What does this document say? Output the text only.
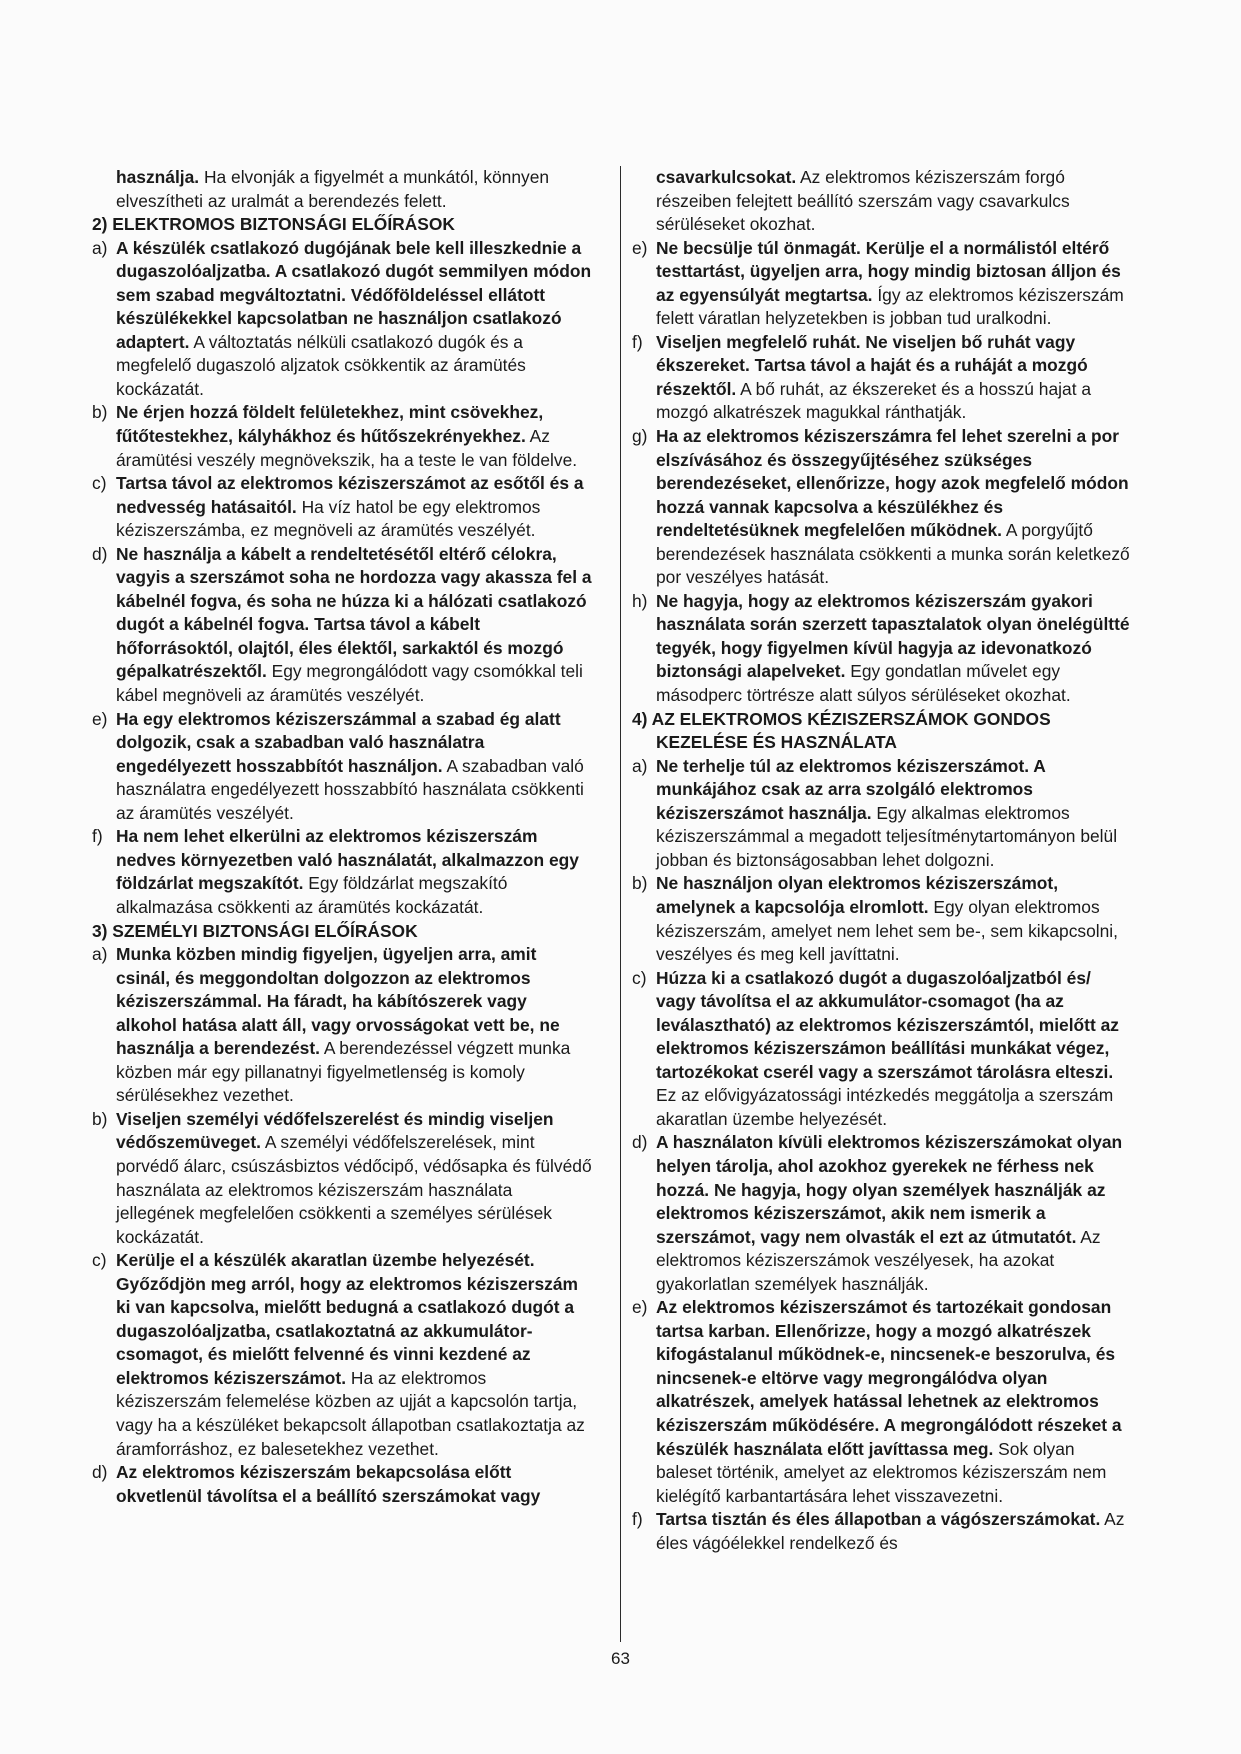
használja. Ha elvonják a figyelmét a munkától, könnyen elveszítheti az uralmát a berendezés felett.
2) ELEKTROMOS BIZTONSÁGI ELŐÍRÁSOK
a) A készülék csatlakozó dugójának bele kell illeszkednie a dugaszolóaljzatba. A csatlakozó dugót semmilyen módon sem szabad megváltoztatni. Védőföldeléssel ellátott készülékekkel kapcsolatban ne használjon csatlakozó adaptert. A változtatás nélküli csatlakozó dugók és a megfelelő dugaszoló aljzatok csökkentik az áramütés kockázatát.
b) Ne érjen hozzá földelt felületekhez, mint csövekhez, fűtőtestekhez, kályhákhoz és hűtőszekrényekhez. Az áramütési veszély megnövekszik, ha a teste le van földelve.
c) Tartsa távol az elektromos kéziszerszámot az esőtől és a nedvesség hatásaitól. Ha víz hatol be egy elektromos kéziszerszámba, ez megnöveli az áramütés veszélyét.
d) Ne használja a kábelt a rendeltetésétől eltérő célokra, vagyis a szerszámot soha ne hordozza vagy akassza fel a kábelnél fogva, és soha ne húzza ki a hálózati csatlakozó dugót a kábelnél fogva. Tartsa távol a kábelt hőforrásoktól, olajtól, éles élektől, sarkaktól és mozgó gépalkatrészektől. Egy megrongálódott vagy csomókkal teli kábel megnöveli az áramütés veszélyét.
e) Ha egy elektromos kéziszerszámmal a szabad ég alatt dolgozik, csak a szabadban való használatra engedélyezett hosszabbítót használjon. A szabadban való használatra engedélyezett hosszabbító használata csökkenti az áramütés veszélyét.
f) Ha nem lehet elkerülni az elektromos kéziszerszám nedves környezetben való használatát, alkalmazzon egy földzárlat megszakítót. Egy földzárlat megszakító alkalmazása csökkenti az áramütés kockázatát.
3) SZEMÉLYI BIZTONSÁGI ELŐÍRÁSOK
a) Munka közben mindig figyeljen, ügyeljen arra, amit csinál, és meggondoltan dolgozzon az elektromos kéziszerszámmal. Ha fáradt, ha kábítószerek vagy alkohol hatása alatt áll, vagy orvosságokat vett be, ne használja a berendezést. A berendezéssel végzett munka közben már egy pillanatnyi figyelmetlenség is komoly sérülésekhez vezethet.
b) Viseljen személyi védőfelszerelést és mindig viseljen védőszemüveget. A személyi védőfelszerelések, mint porvédő álarc, csúszásbiztos védőcipő, védősapka és fülvédő használata az elektromos kéziszerszám használata jellegének megfelelően csökkenti a személyes sérülések kockázatát.
c) Kerülje el a készülék akaratlan üzembe helyezését. Győződjön meg arról, hogy az elektromos kéziszerszám ki van kapcsolva, mielőtt bedugná a csatlakozó dugót a dugaszolóaljzatba, csatlakoztatná az akkumulátor-csomagot, és mielőtt felvenné és vinni kezdené az elektromos kéziszerszámot. Ha az elektromos kéziszerszám felemelése közben az ujját a kapcsolón tartja, vagy ha a készüléket bekapcsolt állapotban csatlakoztatja az áramforráshoz, ez balesetekhez vezethet.
d) Az elektromos kéziszerszám bekapcsolása előtt okvetlenül távolítsa el a beállító szerszámokat vagy
csavarkulcsokat. Az elektromos kéziszerszám forgó részeiben felejtett beállító szerszám vagy csavarkulcs sérüléseket okozhat.
e) Ne becsülje túl önmagát. Kerülje el a normálistól eltérő testtartást, ügyeljen arra, hogy mindig biztosan álljon és az egyensúlyát megtartsa. Így az elektromos kéziszerszám felett váratlan helyzetekben is jobban tud uralkodni.
f) Viseljen megfelelő ruhát. Ne viseljen bő ruhát vagy ékszereket. Tartsa távol a haját és a ruháját a mozgó részektől. A bő ruhát, az ékszereket és a hosszú hajat a mozgó alkatrészek magukkal ránthatják.
g) Ha az elektromos kéziszerszámra fel lehet szerelni a por elszívásához és összegyűjtéséhez szükséges berendezéseket, ellenőrizze, hogy azok megfelelő módon hozzá vannak kapcsolva a készülékhez és rendeltetésüknek megfelelően működnek. A porgyűjtő berendezések használata csökkenti a munka során keletkező por veszélyes hatását.
h) Ne hagyja, hogy az elektromos kéziszerszám gyakori használata során szerzett tapasztalatok olyan önelégültté tegyék, hogy figyelmen kívül hagyja az idevonatkozó biztonsági alapelveket. Egy gondatlan művelet egy másodperc törtrésze alatt súlyos sérüléseket okozhat.
4) AZ ELEKTROMOS KÉZISZERSZÁMOK GONDOS
KEZELÉSE ÉS HASZNÁLATA
a) Ne terhelje túl az elektromos kéziszerszámot. A munkájához csak az arra szolgáló elektromos kéziszerszámot használja. Egy alkalmas elektromos kéziszerszámmal a megadott teljesítménytartományon belül jobban és biztonságosabban lehet dolgozni.
b) Ne használjon olyan elektromos kéziszerszámot, amelynek a kapcsolója elromlott. Egy olyan elektromos kéziszerszám, amelyet nem lehet sem be-, sem kikapcsolni, veszélyes és meg kell javíttatni.
c) Húzza ki a csatlakozó dugót a dugaszolóaljzatból és/ vagy távolítsa el az akkumulátor-csomagot (ha az leválasztható) az elektromos kéziszerszámtól, mielőtt az elektromos kéziszerszámon beállítási munkákat végez, tartozékokat cserél vagy a szerszámot tárolásra elteszi. Ez az elővigyázatossági intézkedés meggátolja a szerszám akaratlan üzembe helyezését.
d) A használaton kívüli elektromos kéziszerszámokat olyan helyen tárolja, ahol azokhoz gyerekek ne férhess nek hozzá. Ne hagyja, hogy olyan személyek használják az elektromos kéziszerszámot, akik nem ismerik a szerszámot, vagy nem olvasták el ezt az útmutatót. Az elektromos kéziszerszámok veszélyesek, ha azokat gyakorlatlan személyek használják.
e) Az elektromos kéziszerszámot és tartozékait gondosan tartsa karban. Ellenőrizze, hogy a mozgó alkatrészek kifogástalanul működnek-e, nincsenek-e beszorulva, és nincsenek-e eltörve vagy megrongálódva olyan alkatrészek, amelyek hatással lehetnek az elektromos kéziszerszám működésére. A megrongálódott részeket a készülék használata előtt javíttassa meg. Sok olyan baleset történik, amelyet az elektromos kéziszerszám nem kielégítő karbantartására lehet visszavezetni.
f) Tartsa tisztán és éles állapotban a vágószerszámokat. Az éles vágóélekkel rendelkező és
63
